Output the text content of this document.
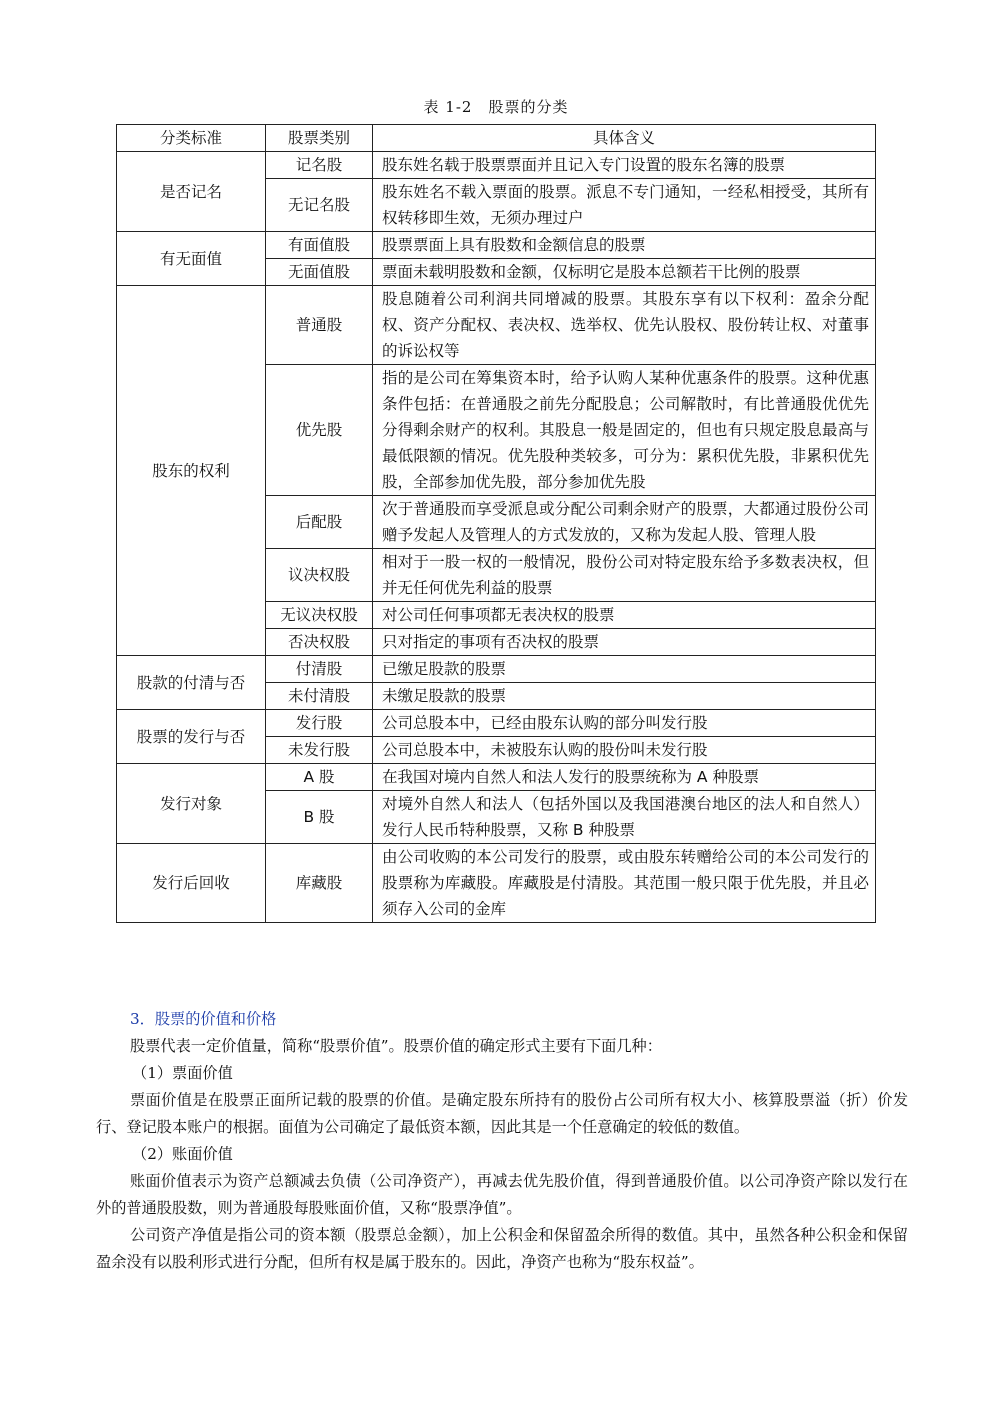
表 1-2　股票的分类
分类标准	股票类别	具体含义
是否记名	记名股	股东姓名载于股票票面并且记入专门设置的股东名簿的股票
	无记名股	股东姓名不载入票面的股票。派息不专门通知，一经私相授受，其所有权转移即生效，无须办理过户
有无面值	有面值股	股票票面上具有股数和金额信息的股票
	无面值股	票面未载明股数和金额，仅标明它是股本总额若干比例的股票
股东的权利	普通股	股息随着公司利润共同增减的股票。其股东享有以下权利：盈余分配权、资产分配权、表决权、选举权、优先认股权、股份转让权、对董事的诉讼权等
	优先股	指的是公司在筹集资本时，给予认购人某种优惠条件的股票。这种优惠条件包括：在普通股之前先分配股息；公司解散时，有比普通股优优先分得剩余财产的权利。其股息一般是固定的，但也有只规定股息最高与最低限额的情况。优先股种类较多，可分为：累积优先股，非累积优先股，全部参加优先股，部分参加优先股
	后配股	次于普通股而享受派息或分配公司剩余财产的股票，大都通过股份公司赠予发起人及管理人的方式发放的，又称为发起人股、管理人股
	议决权股	相对于一股一权的一般情况，股份公司对特定股东给予多数表决权，但并无任何优先利益的股票
	无议决权股	对公司任何事项都无表决权的股票
	否决权股	只对指定的事项有否决权的股票
股款的付清与否	付清股	已缴足股款的股票
	未付清股	未缴足股款的股票
股票的发行与否	发行股	公司总股本中，已经由股东认购的部分叫发行股
	未发行股	公司总股本中，未被股东认购的股份叫未发行股
发行对象	A 股	在我国对境内自然人和法人发行的股票统称为 A 种股票
	B 股	对境外自然人和法人（包括外国以及我国港澳台地区的法人和自然人）发行人民币特种股票，又称 B 种股票
发行后回收	库藏股	由公司收购的本公司发行的股票，或由股东转赠给公司的本公司发行的股票称为库藏股。库藏股是付清股。其范围一般只限于优先股，并且必须存入公司的金库

3．股票的价值和价格

股票代表一定价值量，简称“股票价值”。股票价值的确定形式主要有下面几种：

（1）票面价值

票面价值是在股票正面所记载的股票的价值。是确定股东所持有的股份占公司所有权大小、核算股票溢（折）价发行、登记股本账户的根据。面值为公司确定了最低资本额，因此其是一个任意确定的较低的数值。

（2）账面价值

账面价值表示为资产总额减去负债（公司净资产），再减去优先股价值，得到普通股价值。以公司净资产除以发行在外的普通股股数，则为普通股每股账面价值，又称“股票净值”。

公司资产净值是指公司的资本额（股票总金额），加上公积金和保留盈余所得的数值。其中，虽然各种公积金和保留盈余没有以股利形式进行分配，但所有权是属于股东的。因此，净资产也称为“股东权益”。
